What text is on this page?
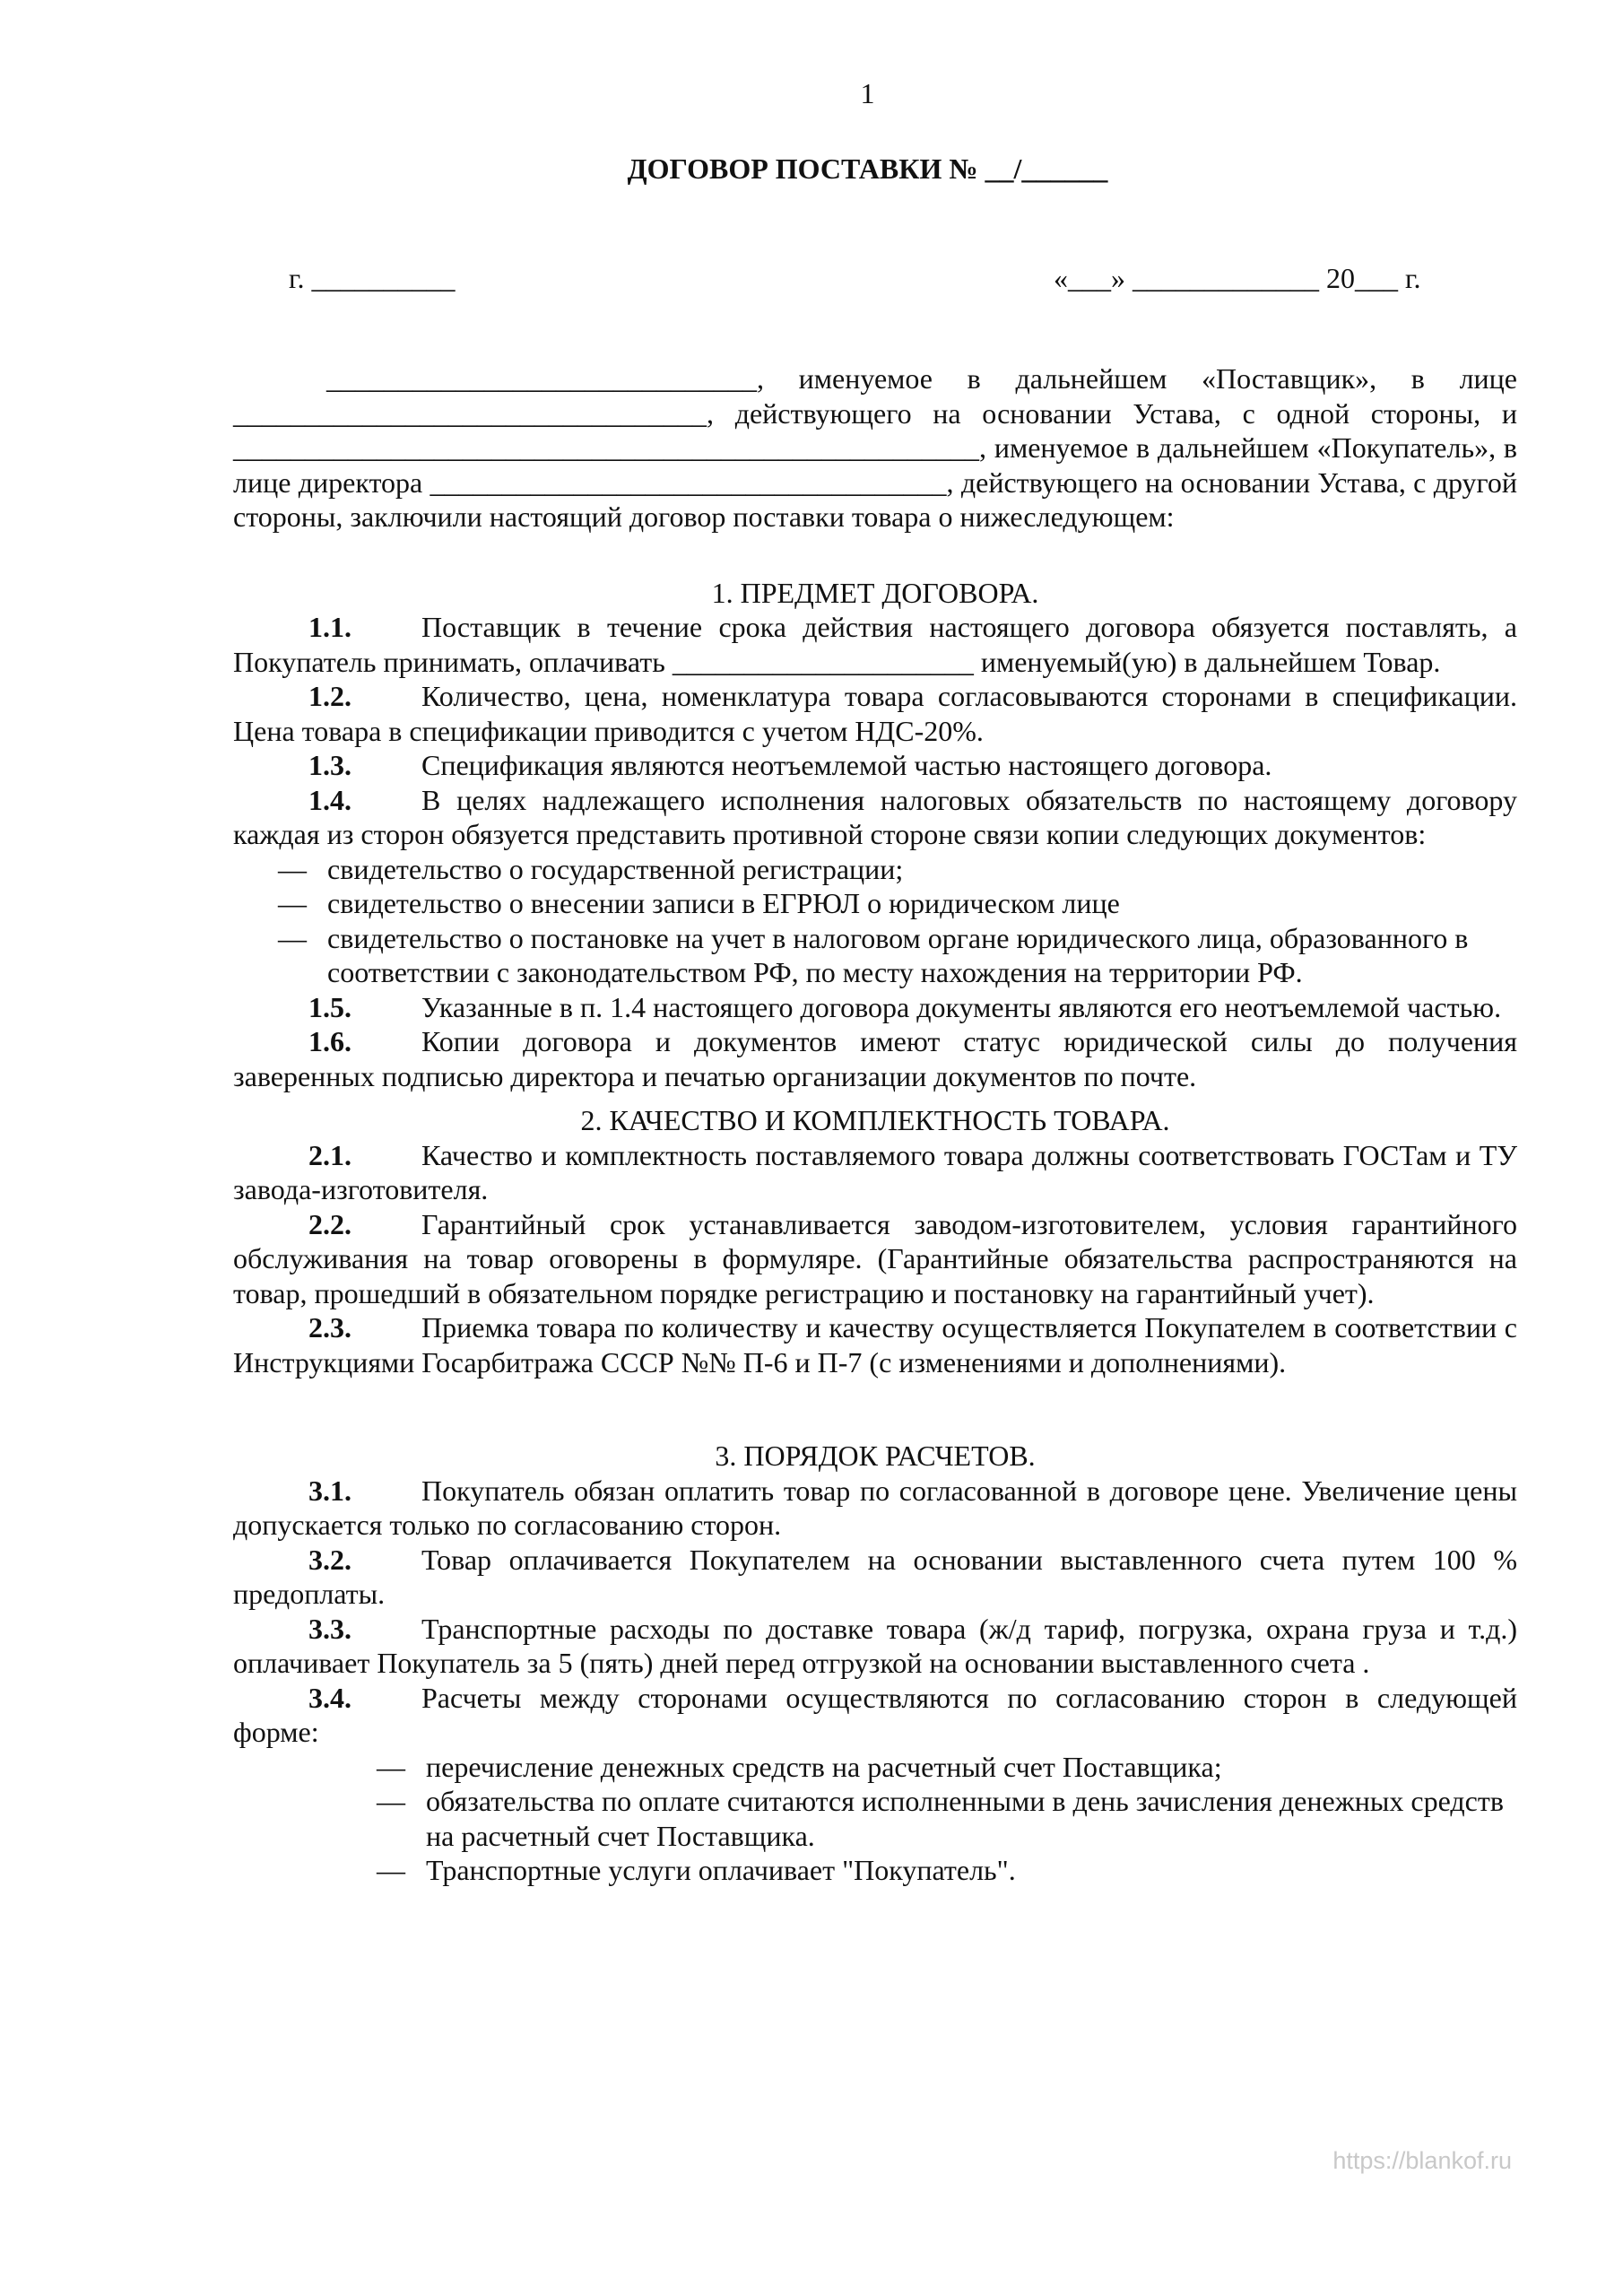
1
ДОГОВОР ПОСТАВКИ № __/______
г. __________	«___» _____________ 20___ г.

______________________________, именуемое в дальнейшем «Поставщик», в лице _________________________________, действующего на основании Устава, с одной стороны, и ____________________________________________________, именуемое в дальнейшем «Покупатель», в лице директора ____________________________________, действующего на основании Устава, с другой стороны, заключили настоящий договор поставки товара о нижеследующем:

1. ПРЕДМЕТ ДОГОВОРА.

1.1. Поставщик в течение срока действия настоящего договора обязуется поставлять, а Покупатель принимать, оплачивать _____________________ именуемый(ую) в дальнейшем Товар.

1.2. Количество, цена, номенклатура товара согласовываются сторонами в спецификации. Цена товара в спецификации приводится с учетом НДС-20%.

1.3. Спецификация являются неотъемлемой частью настоящего договора.

1.4. В целях надлежащего исполнения налоговых обязательств по настоящему договору каждая из сторон обязуется представить противной стороне связи копии следующих документов:

— свидетельство о государственной регистрации;
— свидетельство о внесении записи в ЕГРЮЛ о юридическом лице
— свидетельство о постановке на учет в налоговом органе юридического лица, образованного в соответствии с законодательством РФ, по месту нахождения на территории РФ.

1.5. Указанные в п. 1.4 настоящего договора документы являются его неотъемлемой частью.

1.6. Копии договора и документов имеют статус юридической силы до получения заверенных подписью директора и печатью организации документов по почте.

2. КАЧЕСТВО И КОМПЛЕКТНОСТЬ ТОВАРА.

2.1. Качество и комплектность поставляемого товара должны соответствовать ГОСТам и ТУ завода-изготовителя.

2.2. Гарантийный срок устанавливается заводом-изготовителем, условия гарантийного обслуживания на товар оговорены в формуляре. (Гарантийные обязательства распространяются на товар, прошедший в обязательном порядке регистрацию и постановку на гарантийный учет).

2.3. Приемка товара по количеству и качеству осуществляется Покупателем в соответствии с Инструкциями Госарбитража СССР №№ П-6 и П-7 (с изменениями и дополнениями).

3. ПОРЯДОК РАСЧЕТОВ.

3.1. Покупатель обязан оплатить товар по согласованной в договоре цене. Увеличение цены допускается только по согласованию сторон.

3.2. Товар оплачивается Покупателем на основании выставленного счета путем 100 % предоплаты.

3.3. Транспортные расходы по доставке товара (ж/д тариф, погрузка, охрана груза и т.д.) оплачивает Покупатель за 5 (пять) дней перед отгрузкой на основании выставленного счета .

3.4. Расчеты между сторонами осуществляются по согласованию сторон в следующей форме:

— перечисление денежных средств на расчетный счет Поставщика;
— обязательства по оплате считаются исполненными в день зачисления денежных средств на расчетный счет Поставщика.
— Транспортные услуги оплачивает "Покупатель".
https://blankof.ru
